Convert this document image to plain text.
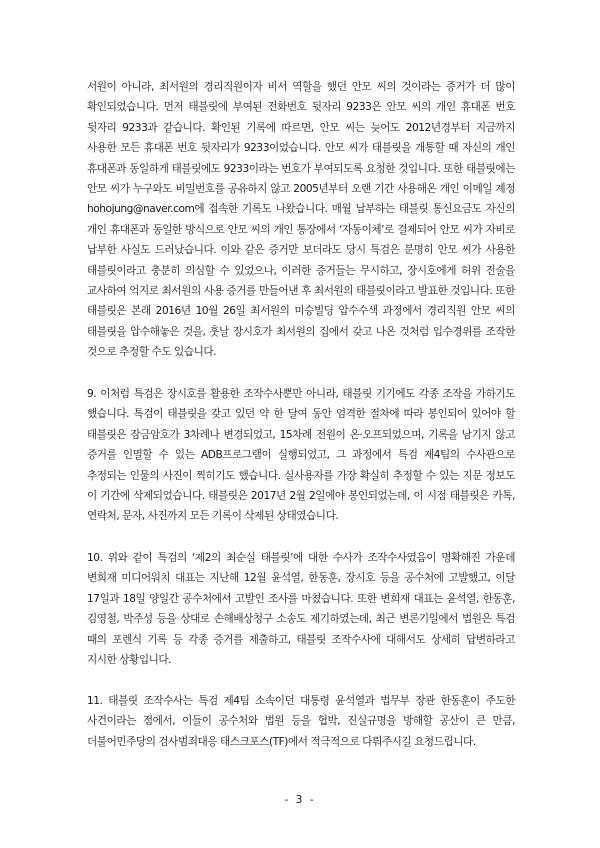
서원이 아니라, 최서원의 경리직원이자 비서 역할을 했던 안모 씨의 것이라는 증거가 더 많이 확인되었습니다. 먼저 태블릿에 부여된 전화번호 뒷자리 9233은 안모 씨의 개인 휴대폰 번호 뒷자리 9233과 같습니다. 확인된 기록에 따르면, 안모 씨는 늦어도 2012년경부터 지금까지 사용한 모든 휴대폰 번호 뒷자리가 9233이었습니다. 안모 씨가 태블릿을 개통할 때 자신의 개인 휴대폰과 동일하게 태블릿에도 9233이라는 번호가 부여되도록 요청한 것입니다. 또한 태블릿에는 안모 씨가 누구와도 비밀번호를 공유하지 않고 2005년부터 오랜 기간 사용해온 개인 이메일 계정 hohojung@naver.com에 접속한 기록도 나왔습니다. 매월 납부하는 태블릿 통신요금도 자신의 개인 휴대폰과 동일한 방식으로 안모 씨의 개인 통장에서 ‘자동이체’로 결제되어 안모 씨가 자비로 납부한 사실도 드러났습니다. 이와 같은 증거만 보더라도 당시 특검은 분명히 안모 씨가 사용한 태블릿이라고 충분히 의심할 수 있었으나, 이러한 증거들는 무시하고, 장시호에게 허위 진술을 교사하여 억지로 최서원의 사용 증거를 만들어낸 후 최서원의 태블릿이라고 발표한 것입니다. 또한 태블릿은 본래 2016년 10월 26일 최서원의 미승빌딩 압수수색 과정에서 경리직원 안모 씨의 태블릿을 압수해놓은 것을, 훗날 장시호가 최서원의 집에서 갖고 나온 것처럼 입수경위를 조작한 것으로 추정할 수도 있습니다.

9. 이처럼 특검은 장시호를 활용한 조작수사뿐만 아니라, 태블릿 기기에도 각종 조작을 가하기도 했습니다. 특검이 태블릿을 갖고 있던 약 한 달여 동안 엄격한 절차에 따라 봉인되어 있어야 할 태블릿은 잠금암호가 3차례나 변경되었고, 15차례 전원이 온·오프되었으며, 기록을 남기지 않고 증거를 인멸할 수 있는 ADB프로그램이 실행되었고, 그 과정에서 특검 제4팀의 수사관으로 추정되는 인물의 사진이 찍히기도 했습니다. 실사용자를 가장 확실히 추정할 수 있는 지문 정보도 이 기간에 삭제되었습니다. 태블릿은 2017년 2월 2일에야 봉인되었는데, 이 시점 태블릿은 카톡, 연락처, 문자, 사진까지 모든 기록이 삭제된 상태였습니다.

10. 위와 같이 특검의 ‘제2의 최순실 태블릿’에 대한 수사가 조작수사였음이 명확해진 가운데 변희재 미디어워치 대표는 지난해 12월 윤석열, 한동훈, 장시호 등을 공수처에 고발했고, 이달 17일과 18일 양일간 공수처에서 고발인 조사를 마쳤습니다. 또한 변희재 대표는 윤석열, 한동훈, 김영철, 박주성 등을 상대로 손해배상청구 소송도 제기하였는데, 최근 변론기일에서 법원은 특검 때의 포렌식 기록 등 각종 증거를 제출하고, 태블릿 조작수사에 대해서도 상세히 답변하라고 지시한 상황입니다.

11. 태블릿 조작수사는 특검 제4팀 소속이던 대통령 윤석열과 법무부 장관 한동훈이 주도한 사건이라는 점에서, 이들이 공수처와 법원 등을 협박, 진실규명을 방해할 공산이 큰 만큼, 더불어민주당의 검사범죄대응 태스크포스(TF)에서 적극적으로 다뤄주시길 요청드립니다.

- 3 -
